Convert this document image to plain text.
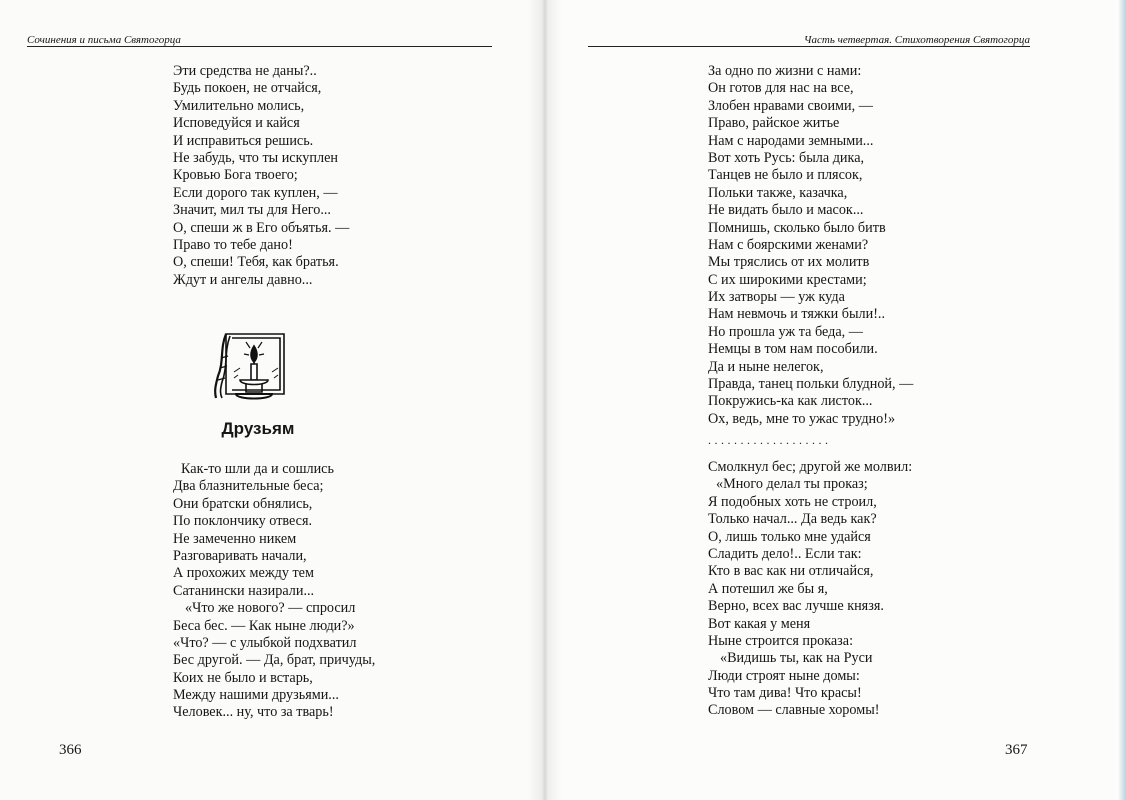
Сочинения и письма Святогорца	Часть четвертая. Стихотворения Святогорца
Эти средства не даны?..
Будь покоен, не отчайся,
Умилительно молись,
Исповедуйся и кайся
И исправиться решись.
Не забудь, что ты искуплен
Кровью Бога твоего;
Если дорого так куплен, —
Значит, мил ты для Него...
О, спеши ж в Его объятья. —
Право то тебе дано!
О, спеши! Тебя, как братья.
Ждут и ангелы давно...
Друзьям
Как-то шли да и сошлись
Два блазнительные беса;
Они братски обнялись,
По поклончику отвеся.
Не замеченно никем
Разговаривать начали,
А прохожих между тем
Сатанински назирали...
«Что же нового? — спросил
Беса бес. — Как ныне люди?»
«Что? — с улыбкой подхватил
Бес другой. — Да, брат, причуды,
Коих не было и встарь,
Между нашими друзьями...
Человек... ну, что за тварь!
366
За одно по жизни с нами:
Он готов для нас на все,
Злобен нравами своими, —
Право, райское житье
Нам с народами земными...
Вот хоть Русь: была дика,
Танцев не было и плясок,
Польки также, казачка,
Не видать было и масок...
Помнишь, сколько было битв
Нам с боярскими женами?
Мы тряслись от их молитв
С их широкими крестами;
Их затворы — уж куда
Нам невмочь и тяжки были!..
Но прошла уж та беда, —
Немцы в том нам пособили.
Да и ныне нелегок,
Правда, танец польки блудной, —
Покружись-ка как листок...
Ох, ведь, мне то ужас трудно!»
...................
Смолкнул бес; другой же молвил:
«Много делал ты проказ;
Я подобных хоть не строил,
Только начал... Да ведь как?
О, лишь только мне удайся
Сладить дело!.. Если так:
Кто в вас как ни отличайся,
А потешил же бы я,
Верно, всех вас лучше князя.
Вот какая у меня
Ныне строится проказа:
«Видишь ты, как на Руси
Люди строят ныне домы:
Что там дива! Что красы!
Словом — славные хоромы!
367
